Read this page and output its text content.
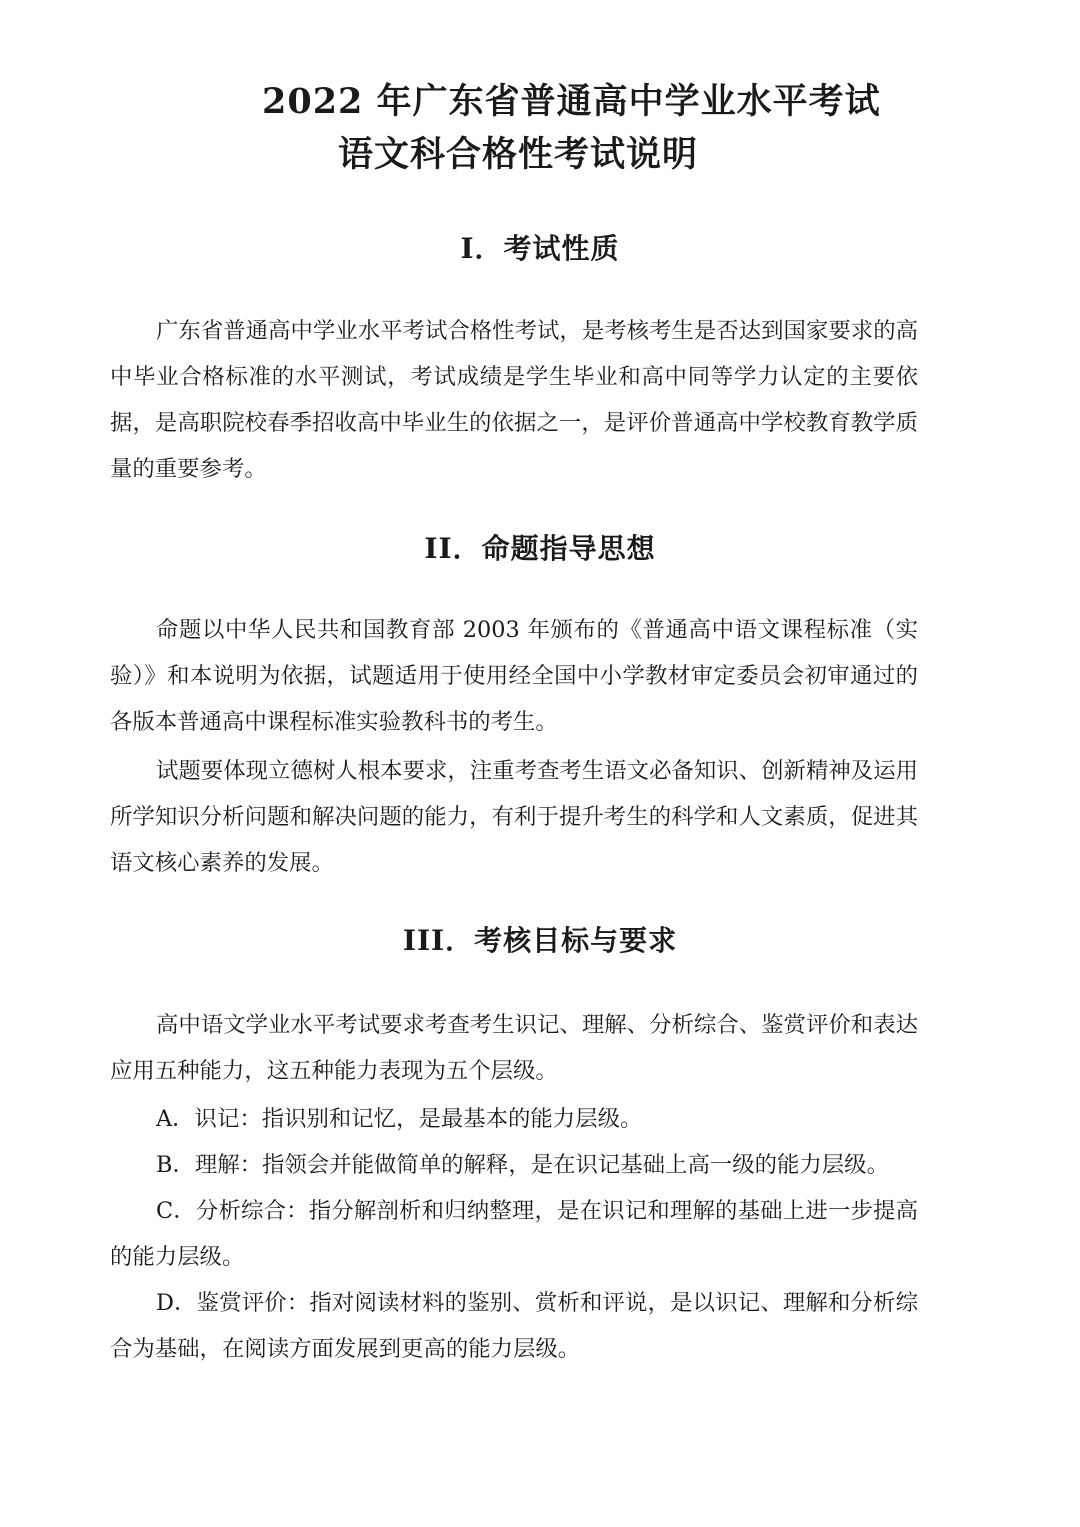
2022 年广东省普通高中学业水平考试
语文科合格性考试说明
I．考试性质

广东省普通高中学业水平考试合格性考试，是考核考生是否达到国家要求的高中毕业合格标准的水平测试，考试成绩是学生毕业和高中同等学力认定的主要依据，是高职院校春季招收高中毕业生的依据之一，是评价普通高中学校教育教学质量的重要参考。

II．命题指导思想

命题以中华人民共和国教育部 2003 年颁布的《普通高中语文课程标准（实验）》和本说明为依据，试题适用于使用经全国中小学教材审定委员会初审通过的各版本普通高中课程标准实验教科书的考生。

试题要体现立德树人根本要求，注重考查考生语文必备知识、创新精神及运用所学知识分析问题和解决问题的能力，有利于提升考生的科学和人文素质，促进其语文核心素养的发展。

III．考核目标与要求

高中语文学业水平考试要求考查考生识记、理解、分析综合、鉴赏评价和表达应用五种能力，这五种能力表现为五个层级。

A．识记：指识别和记忆，是最基本的能力层级。

B．理解：指领会并能做简单的解释，是在识记基础上高一级的能力层级。

C．分析综合：指分解剖析和归纳整理，是在识记和理解的基础上进一步提高的能力层级。

D．鉴赏评价：指对阅读材料的鉴别、赏析和评说，是以识记、理解和分析综合为基础，在阅读方面发展到更高的能力层级。
